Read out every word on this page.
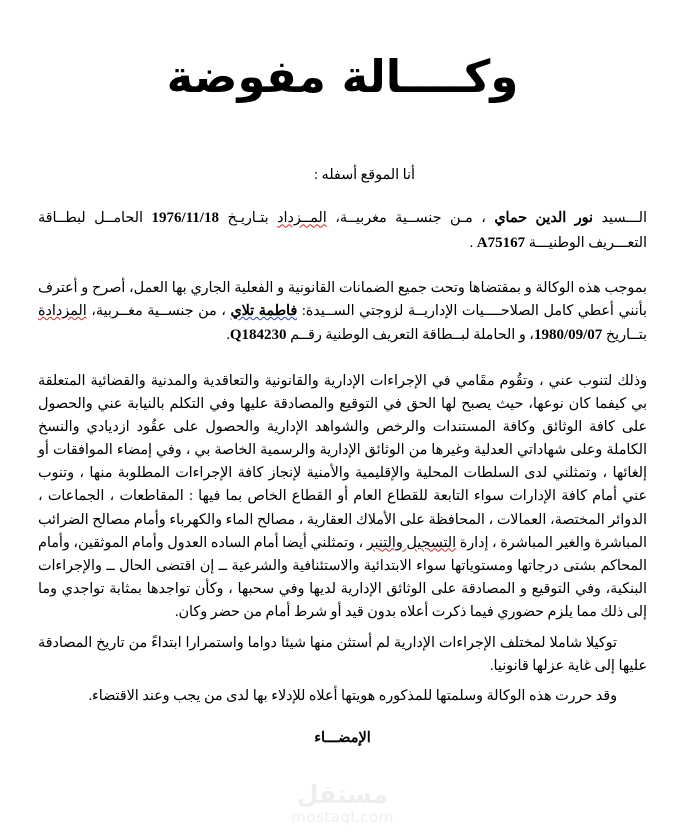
وكــــالة مفوضة

أنا الموقع أسفله :

الـــسيد نور الدين حماي ، مـن جنســية مغربيــة، المــزداد بتـاريـخ 1976/11/18 الحامــل لبطــاقة التعـــريف الوطنيـــة A75167 .

بموجب هذه الوكالة و بمقتضاها وتحت جميع الضمانات القانونية و الفعلية الجاري بها العمل، أصرح و أعترف بأنني أعطي كامل الصلاحــــيات الإداريــة لزوجتي الســيدة: فاطمة تلاي ، من جنســية مغــربية، المزدادة بتــاريخ 1980/09/07، و الحاملة لبــطاقة التعريف الوطنية رقــم Q184230.

وذلك لتنوب عني ، وتقُوم مقَامي في الإجراءات الإدارية والقانونية والتعاقدية والمدنية والقضائية المتعلقة بي كيفما كان نوعها، حيث يصبح لها الحق في التوقيع والمصادقة عليها وفي التكلم بالنيابة عني والحصول على كافة الوثائق وكافة المستندات والرخص والشواهد الإدارية والحصول على عقُود ازديادي والنسخ الكاملة وعلى شهاداتي العدلية وغيرها من الوثائق الإدارية والرسمية الخاصة بي ، وفي إمضاء الموافقات أو إلغائها ، وتمثلني لدى السلطات المحلية والإقليمية والأمنية لإنجاز كافة الإجراءات المطلوبة منها ، وتنوب عني أمام كافة الإدارات سواء التابعة للقطاع العام أو القطاع الخاص بما فيها : المقاطعات ، الجماعات ، الدوائر المختصة، العمالات ، المحافظة على الأملاك العقارية ، مصالح الماء والكهرباء وأمام مصالح الضرائب المباشرة والغير المباشرة ، إدارة التسجيل والتنبر ، وتمثلني أيضا أمام الساده العدول وأمام الموثقين، وأمام المحاكم بشتى درجاتها ومستوياتها سواء الابتدائية والاستئنافية والشرعية ــ إن اقتضى الحال ــ والإجراءات البنكية، وفي التوقيع و المصادقة على الوثائق الإدارية لديها وفي سحبها ، وكأن تواجدها بمثابة تواجدي وما إلى ذلك مما يلزم حضوري فيما ذكرت أعلاه بدون قيد أو شرط أمام من حضر وكان.

توكيلا شاملا لمختلف الإجراءات الإدارية لم أستثن منها شيئا دواما واستمرارا ابتداءً من تاريخ المصادقة عليها إلى غاية عزلها قانونيا.

وقد حررت هذه الوكالة وسلمتها للمذكوره هويتها أعلاه للإدلاء بها لدى من يجب وعند الاقتضاء.

الإمضـــاء
مستقل
mostaql.com
